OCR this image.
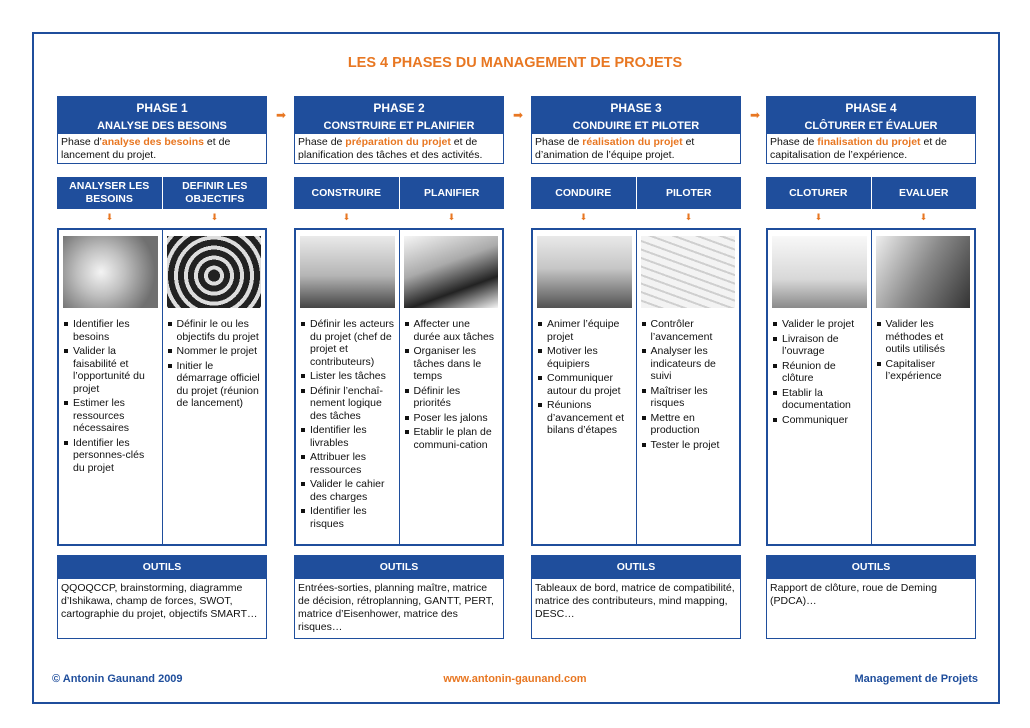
LES 4 PHASES DU MANAGEMENT DE PROJETS
PHASE 1
ANALYSE DES BESOINS
Phase d’analyse des besoins et de lancement du projet.
➡
ANALYSER LES BESOINS
DEFINIR LES OBJECTIFS
⬇	⬇
Identifier les besoins
Valider la faisabilité et l’opportunité du projet
Estimer les ressources nécessaires
Identifier les personnes-clés du projet
Définir le ou les objectifs du projet
Nommer le projet
Initier le démarrage officiel du projet (réunion de lancement)
OUTILS
QQOQCCP, brainstorming, diagramme d’Ishikawa, champ de forces, SWOT, cartographie du projet, objectifs SMART…
PHASE 2
CONSTRUIRE ET PLANIFIER
Phase de préparation du projet et de planification des tâches et des activités.
➡
CONSTRUIRE	PLANIFIER
⬇	⬇
Définir les acteurs du projet (chef de projet et contributeurs)
Lister les tâches
Définir l’enchaî-nement logique des tâches
Identifier les livrables
Attribuer les ressources
Valider le cahier des charges
Identifier les risques
Affecter une durée aux tâches
Organiser les tâches dans le temps
Définir les priorités
Poser les jalons
Etablir le plan de communi-cation
OUTILS
Entrées-sorties, planning maître, matrice de décision, rétroplanning, GANTT, PERT, matrice d’Eisenhower, matrice des risques…
PHASE 3
CONDUIRE ET PILOTER
Phase de réalisation du projet et d’animation de l’équipe projet.
➡
CONDUIRE	PILOTER
⬇	⬇
Animer l’équipe projet
Motiver les équipiers
Communiquer autour du projet
Réunions d’avancement et bilans d’étapes
Contrôler l’avancement
Analyser les indicateurs de suivi
Maîtriser les risques
Mettre en production
Tester le projet
OUTILS
Tableaux de bord, matrice de compatibilité, matrice des contributeurs, mind mapping, DESC…
PHASE 4
CLÔTURER ET ÉVALUER
Phase de finalisation du projet et de capitalisation de l’expérience.
CLOTURER	EVALUER
⬇	⬇
Valider le projet
Livraison de l’ouvrage
Réunion de clôture
Etablir la documentation
Communiquer
Valider les méthodes et outils utilisés
Capitaliser l’expérience
OUTILS
Rapport de clôture, roue de Deming (PDCA)…
© Antonin Gaunand 2009	www.antonin-gaunand.com	Management de Projets
